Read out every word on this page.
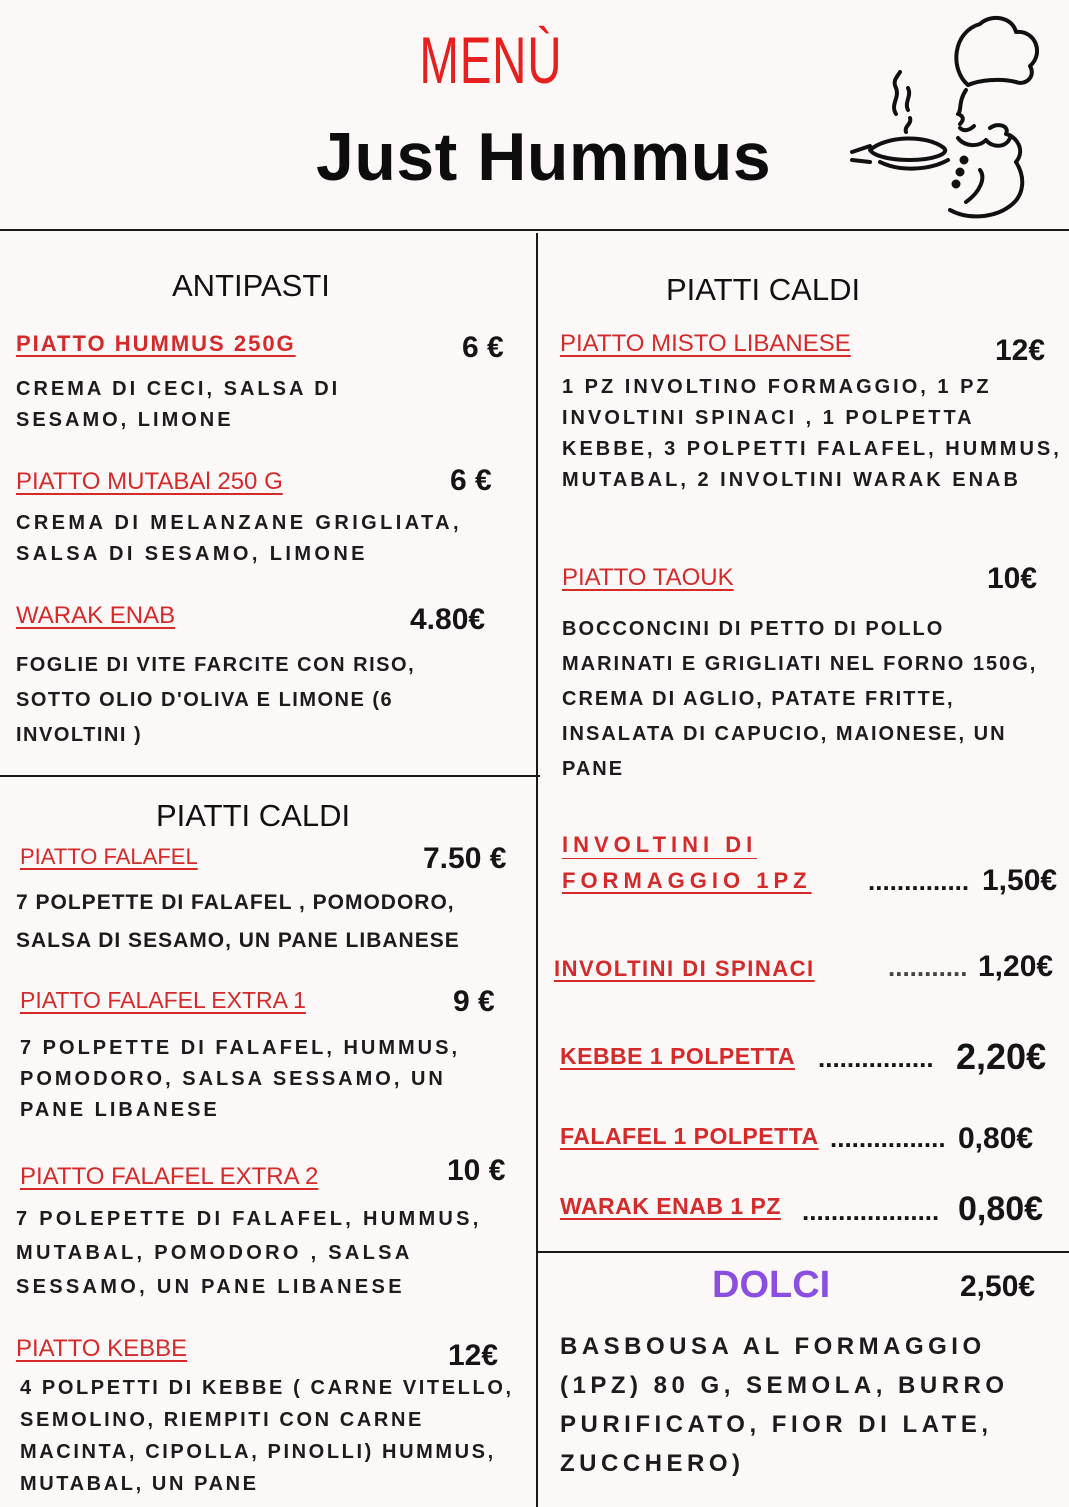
MENÙ
Just Hummus
ANTIPASTI
PIATTO HUMMUS 250G	6 €
CREMA DI CECI, SALSA DI SESAMO, LIMONE
PIATTO MUTABAl 250 G	6 €
CREMA DI MELANZANE GRIGLIATA, SALSA DI SESAMO, LIMONE
WARAK ENAB	4.80€
FOGLIE DI VITE FARCITE CON RISO, SOTTO OLIO D'OLIVA E LIMONE (6 INVOLTINI )
PIATTI CALDI
PIATTO FALAFEL	7.50 €
7 POLPETTE DI FALAFEL , POMODORO, SALSA DI SESAMO, UN PANE LIBANESE
PIATTO FALAFEL EXTRA 1	9 €
7 POLPETTE DI FALAFEL, HUMMUS, POMODORO, SALSA SESSAMO, UN PANE LIBANESE
PIATTO FALAFEL EXTRA 2	10 €
7 POLEPETTE DI FALAFEL, HUMMUS, MUTABAL, POMODORO , SALSA SESSAMO, UN PANE LIBANESE
PIATTO KEBBE	12€
4 POLPETTI DI KEBBE ( CARNE VITELLO, SEMOLINO, RIEMPITI CON CARNE MACINTA, CIPOLLA, PINOLLI) HUMMUS, MUTABAL, UN PANE
PIATTI CALDI
PIATTO MISTO LIBANESE	12€
1 PZ INVOLTINO FORMAGGIO, 1 PZ INVOLTINI SPINACI , 1 POLPETTA KEBBE, 3 POLPETTI FALAFEL, HUMMUS, MUTABAL, 2 INVOLTINI WARAK ENAB
PIATTO TAOUK	10€
BOCCONCINI DI PETTO DI POLLO MARINATI E GRIGLIATI NEL FORNO 150G, CREMA DI AGLIO, PATATE FRITTE, INSALATA DI CAPUCIO, MAIONESE, UN PANE
INVOLTINI DI
FORMAGGIO 1PZ .............. 1,50€
INVOLTINI DI SPINACI	........... 1,20€
KEBBE 1 POLPETTA ................ 2,20€
FALAFEL 1 POLPETTA ................ 0,80€
WARAK ENAB 1 PZ ................... 0,80€
DOLCI	2,50€
BASBOUSA AL FORMAGGIO (1PZ) 80 G, SEMOLA, BURRO PURIFICATO, FIOR DI LATE, ZUCCHERO)
